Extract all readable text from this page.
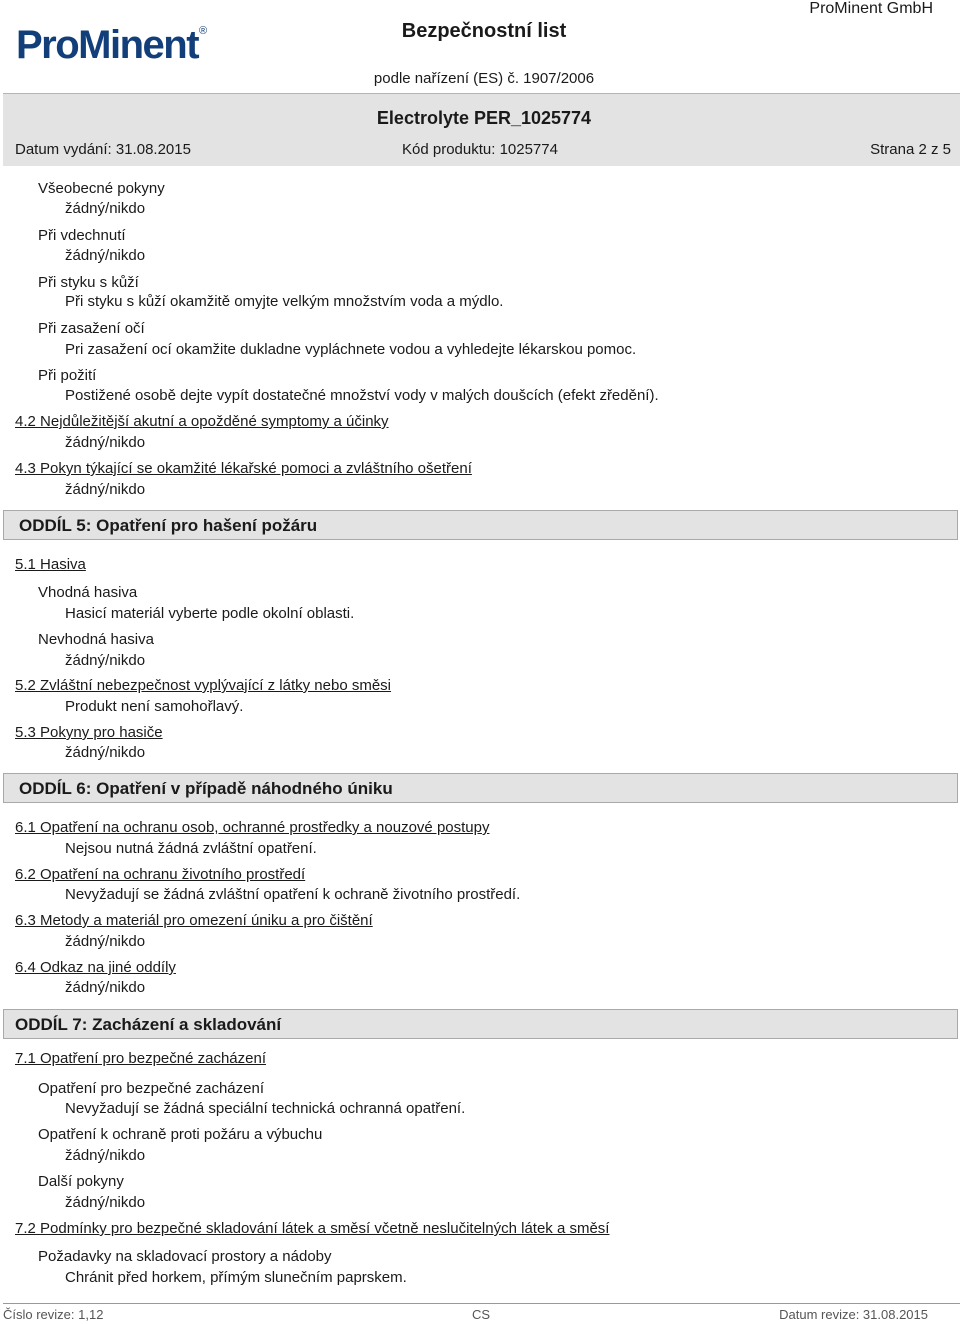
ProMinent®	Bezpečnostní list
ProMinent GmbH
podle nařízení (ES) č. 1907/2006
Electrolyte PER_1025774
Datum vydání: 31.08.2015	Kód produktu: 1025774	Strana 2 z 5
Všeobecné pokyny
žádný/nikdo
Při vdechnutí
žádný/nikdo
Při styku s kůží
Při styku s kůží okamžitě omyjte velkým množstvím voda a mýdlo.
Při zasažení očí
Pri zasažení ocí okamžite dukladne vypláchnete vodou a vyhledejte lékarskou pomoc.
Při požití
Postižené osobě dejte vypít dostatečné množství vody v malých doušcích (efekt zředění).
4.2 Nejdůležitější akutní a opožděné symptomy a účinky
žádný/nikdo
4.3 Pokyn týkající se okamžité lékařské pomoci a zvláštního ošetření
žádný/nikdo
ODDÍL 5: Opatření pro hašení požáru
5.1 Hasiva
Vhodná hasiva
Hasicí materiál vyberte podle okolní oblasti.
Nevhodná hasiva
žádný/nikdo
5.2 Zvláštní nebezpečnost vyplývající z látky nebo směsi
Produkt není samohořlavý.
5.3 Pokyny pro hasiče
žádný/nikdo
ODDÍL 6: Opatření v případě náhodného úniku
6.1 Opatření na ochranu osob, ochranné prostředky a nouzové postupy
Nejsou nutná žádná zvláštní opatření.
6.2 Opatření na ochranu životního prostředí
Nevyžadují se žádná zvláštní opatření k ochraně životního prostředí.
6.3 Metody a materiál pro omezení úniku a pro čištění
žádný/nikdo
6.4 Odkaz na jiné oddíly
žádný/nikdo
ODDÍL 7: Zacházení a skladování
7.1 Opatření pro bezpečné zacházení
Opatření pro bezpečné zacházení
Nevyžadují se žádná speciální technická ochranná opatření.
Opatření k ochraně proti požáru a výbuchu
žádný/nikdo
Další pokyny
žádný/nikdo
7.2 Podmínky pro bezpečné skladování látek a směsí včetně neslučitelných látek a směsí
Požadavky na skladovací prostory a nádoby
Chránit před horkem, přímým slunečním paprskem.
Číslo revize: 1,12	CS	Datum revize: 31.08.2015
